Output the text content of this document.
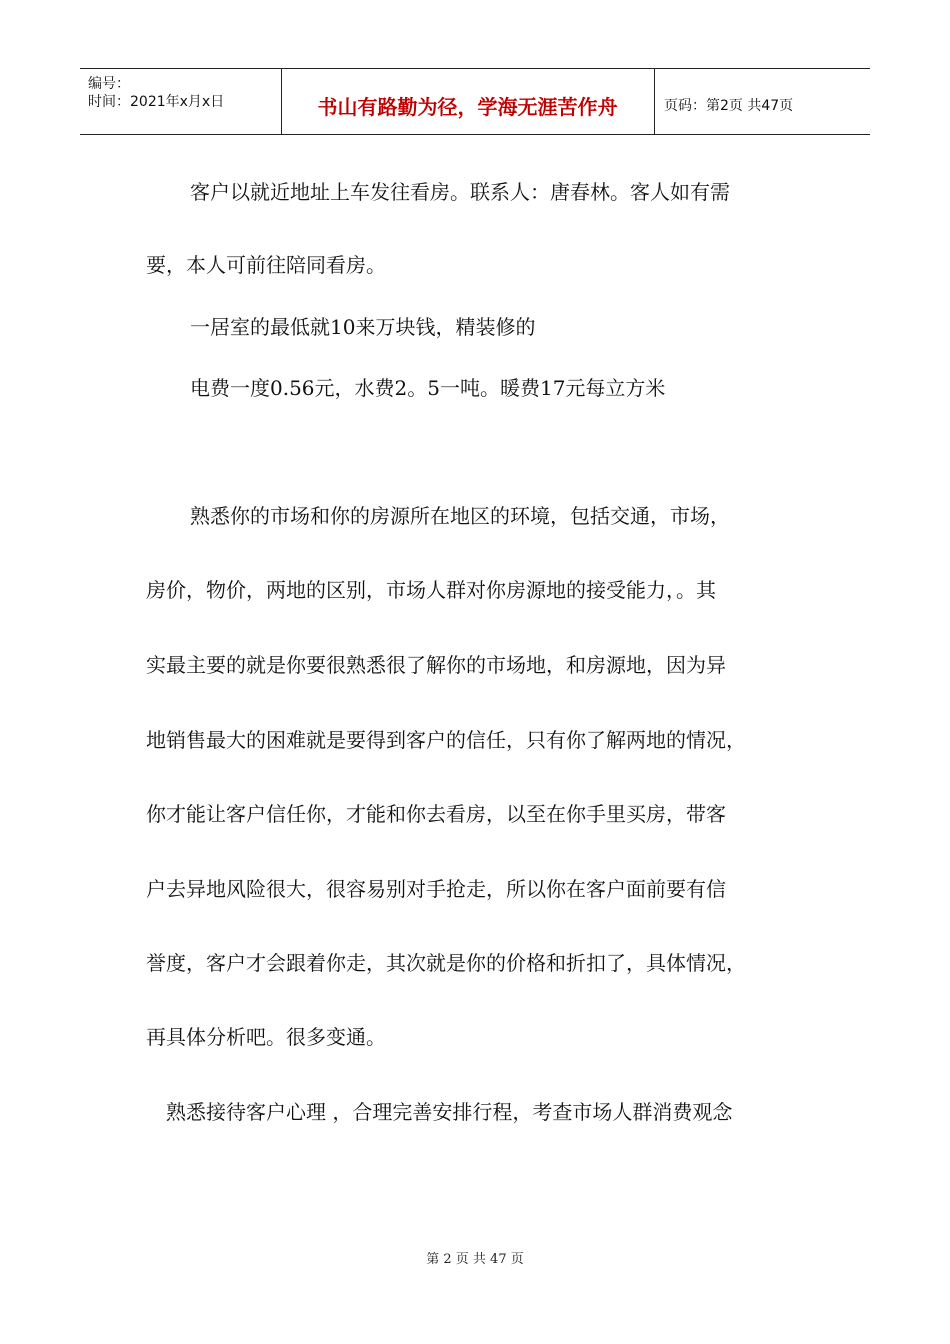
编号：
时间：2021年x月x日	书山有路勤为径，学海无涯苦作舟	页码：第2页 共47页
客户以就近地址上车发往看房。联系人：唐春林。客人如有需
要，本人可前往陪同看房。
一居室的最低就10来万块钱，精装修的
电费一度0.56元，水费2。5一吨。暖费17元每立方米
熟悉你的市场和你的房源所在地区的环境，包括交通，市场，
房价，物价，两地的区别，市场人群对你房源地的接受能力，。其
实最主要的就是你要很熟悉很了解你的市场地，和房源地，因为异
地销售最大的困难就是要得到客户的信任，只有你了解两地的情况，
你才能让客户信任你，才能和你去看房，以至在你手里买房，带客
户去异地风险很大，很容易别对手抢走，所以你在客户面前要有信
誉度，客户才会跟着你走，其次就是你的价格和折扣了，具体情况，
再具体分析吧。很多变通。
熟悉接待客户心理 ，合理完善安排行程，考查市场人群消费观念
第 2 页 共 47 页
